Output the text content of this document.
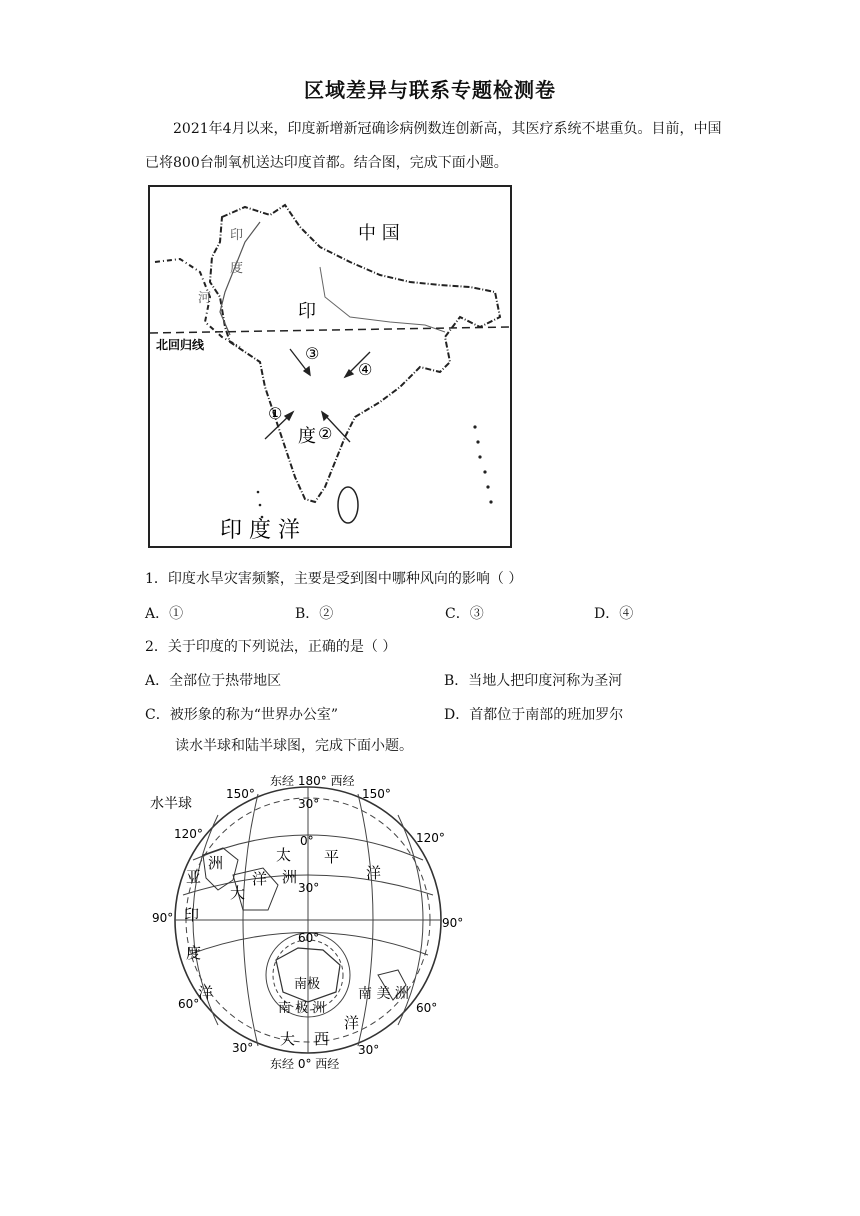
区域差异与联系专题检测卷
2021年4月以来，印度新增新冠确诊病例数连创新高，其医疗系统不堪重负。目前，中国已将800台制氧机送达印度首都。结合图，完成下面小题。
中 国
印
度
河
印
度
北回归线
印 度 洋
①
②
③
④
1．印度水旱灾害频繁，主要是受到图中哪种风向的影响（ ）
A．①	B．②	C．③	D．④
2．关于印度的下列说法，正确的是（ ）
A．全部位于热带地区	B．当地人把印度河称为圣河
C．被形象的称为“世界办公室”	D．首都位于南部的班加罗尔
读水半球和陆半球图，完成下面小题。
水半球
东经 180° 西经
东经 0° 西经
150°	150°
120°	120°
90°	90°
60°	60°
30°	30°
30°
0°
30°
60°
南极
南 极 洲
太 平
洋
洋 洲
亚
洲
大
印
度
洋	南 美 洲
洋
大 西
